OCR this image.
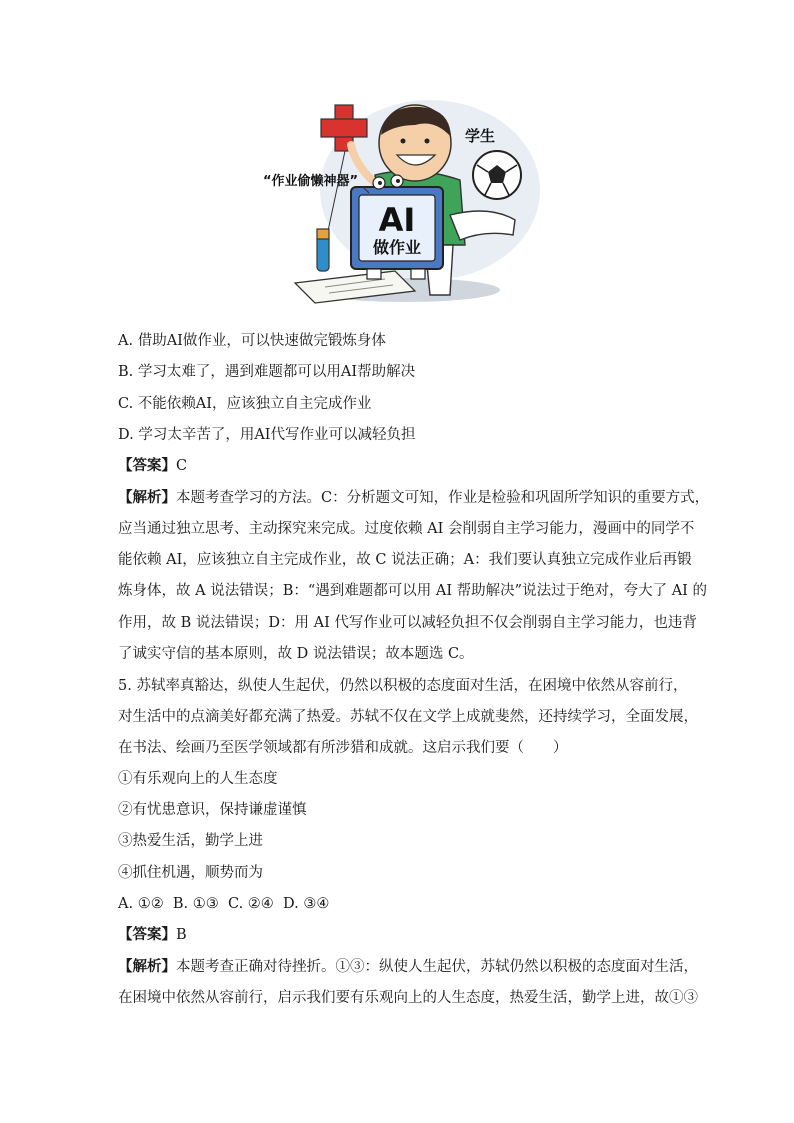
AI
做作业
“作业偷懒神器”
学生
A. 借助AI做作业，可以快速做完锻炼身体
B. 学习太难了，遇到难题都可以用AI帮助解决
C. 不能依赖AI，应该独立自主完成作业
D. 学习太辛苦了，用AI代写作业可以减轻负担
【答案】C
【解析】本题考查学习的方法。C：分析题文可知，作业是检验和巩固所学知识的重要方式，
应当通过独立思考、主动探究来完成。过度依赖 AI 会削弱自主学习能力，漫画中的同学不
能依赖 AI，应该独立自主完成作业，故 C 说法正确；A：我们要认真独立完成作业后再锻
炼身体，故 A 说法错误；B：“遇到难题都可以用 AI 帮助解决”说法过于绝对，夸大了 AI 的
作用，故 B 说法错误；D：用 AI 代写作业可以减轻负担不仅会削弱自主学习能力，也违背
了诚实守信的基本原则，故 D 说法错误；故本题选 C。
5. 苏轼率真豁达，纵使人生起伏，仍然以积极的态度面对生活，在困境中依然从容前行，
对生活中的点滴美好都充满了热爱。苏轼不仅在文学上成就斐然，还持续学习，全面发展，
在书法、绘画乃至医学领域都有所涉猎和成就。这启示我们要（　　）
①有乐观向上的人生态度
②有忧患意识，保持谦虚谨慎
③热爱生活，勤学上进
④抓住机遇，顺势而为
A. ①②  B. ①③  C. ②④  D. ③④
【答案】B
【解析】本题考查正确对待挫折。①③：纵使人生起伏，苏轼仍然以积极的态度面对生活，
在困境中依然从容前行，启示我们要有乐观向上的人生态度，热爱生活，勤学上进，故①③
